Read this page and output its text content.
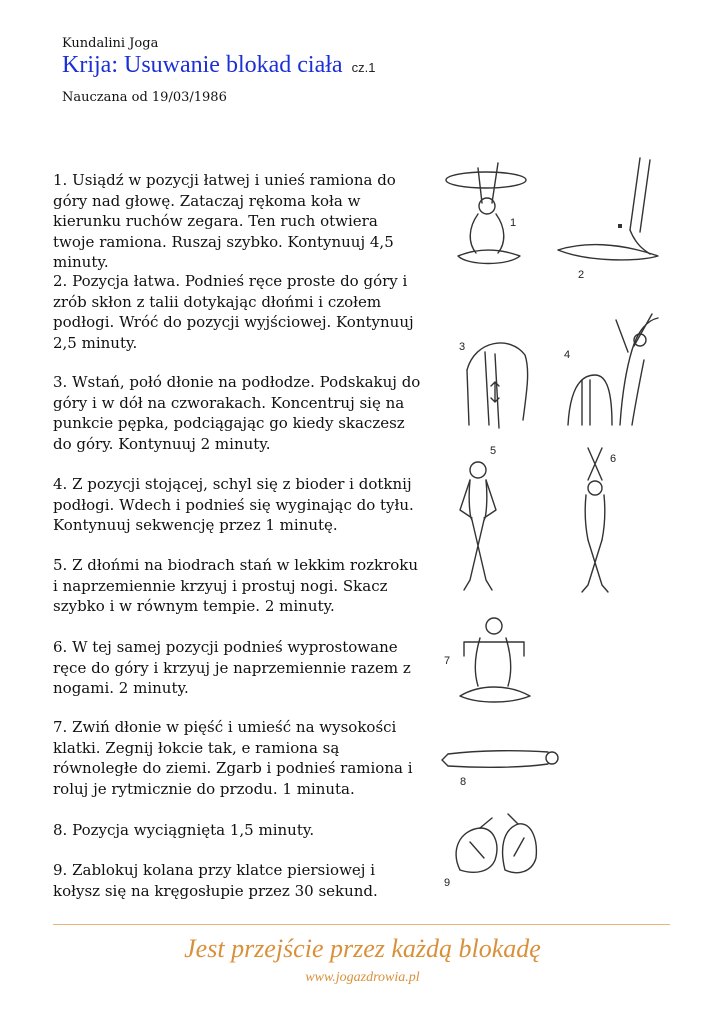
Kundalini Joga
Krija: Usuwanie blokad ciała cz.1
Nauczana od 19/03/1986
1. Usiądź w pozycji łatwej i unieś ramiona do góry nad głowę. Zataczaj rękoma koła w kierunku ruchów zegara. Ten ruch otwiera twoje ramiona. Ruszaj szybko. Kontynuuj 4,5 minuty.
2. Pozycja łatwa. Podnieś ręce proste do góry i zrób skłon z talii dotykając dłońmi i czołem podłogi. Wróć do pozycji wyjściowej. Kontynuuj 2,5 minuty.
3. Wstań, połó dłonie na podłodze. Podskakuj do góry i w dół na czworakach. Koncentruj się na punkcie pępka, podciągając go kiedy skaczesz do góry. Kontynuuj 2 minuty.
4. Z pozycji stojącej, schyl się z bioder i dotknij podłogi. Wdech i podnieś się wyginając do tyłu. Kontynuuj sekwencję przez 1 minutę.
5. Z dłońmi na biodrach stań w lekkim rozkroku i naprzemiennie krzyuj i prostuj nogi. Skacz szybko i w równym tempie. 2 minuty.
6. W tej samej pozycji podnieś wyprostowane ręce do góry i krzyuj je naprzemiennie razem z nogami. 2 minuty.
7. Zwiń dłonie w pięść i umieść na wysokości klatki. Zegnij łokcie tak, e ramiona są równoległe do ziemi. Zgarb i podnieś ramiona i roluj je rytmicznie do przodu. 1 minuta.
8. Pozycja wyciągnięta 1,5 minuty.
9. Zablokuj kolana przy klatce piersiowej i kołysz się na kręgosłupie przez 30 sekund.
1
2
3
4
5
6
7
8
9
Jest przejście przez każdą blokadę
www.jogazdrowia.pl
